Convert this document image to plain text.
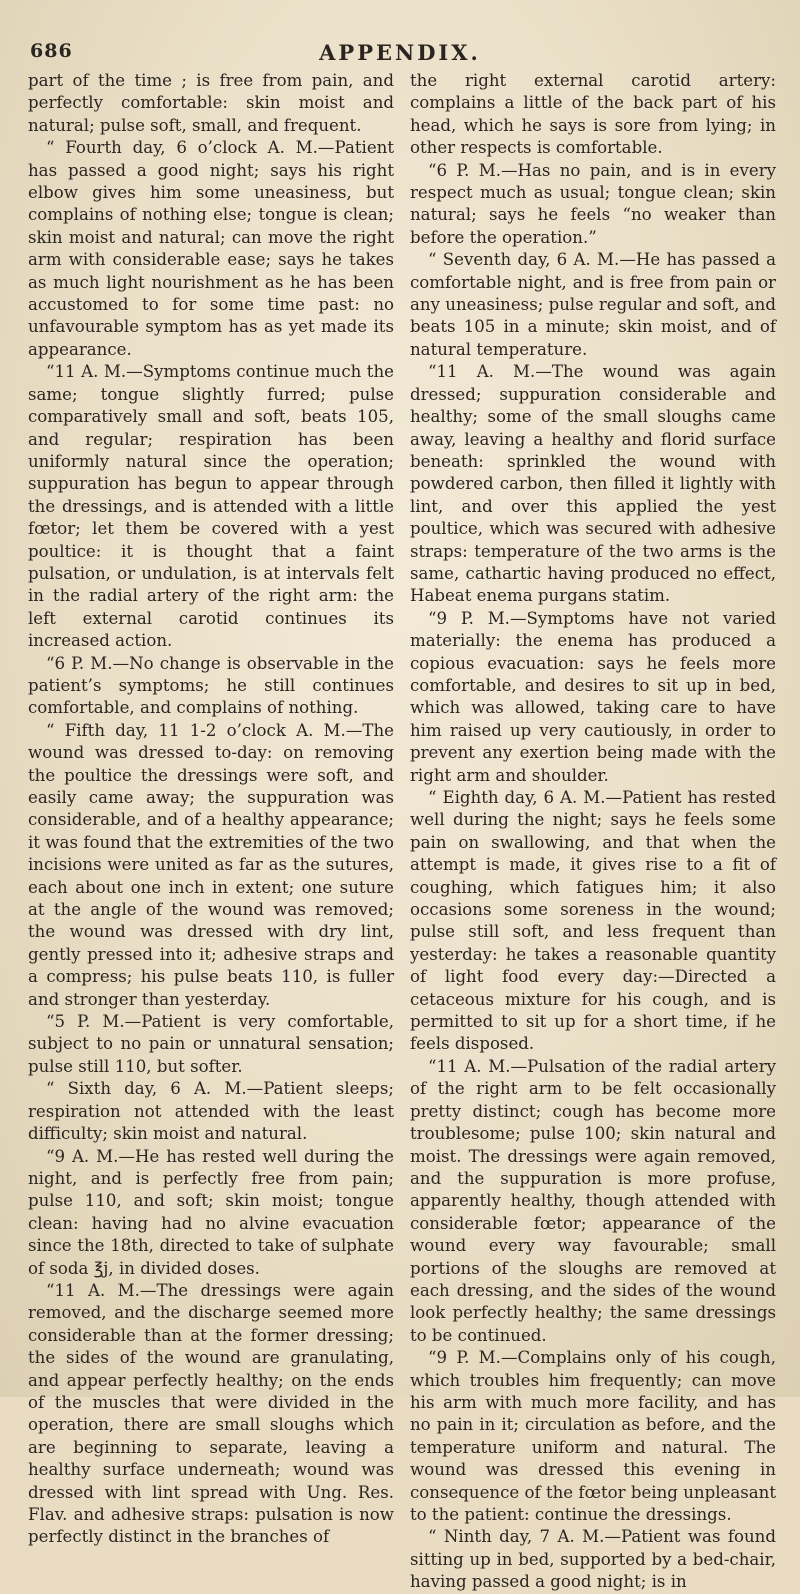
686	APPENDIX.

part of the time ; is free from pain, and perfectly comfortable: skin moist and natural; pulse soft, small, and frequent.

“ Fourth day, 6 o’clock A. M.—Patient has passed a good night; says his right elbow gives him some uneasiness, but complains of nothing else; tongue is clean; skin moist and natural; can move the right arm with considerable ease; says he takes as much light nourishment as he has been accustomed to for some time past: no unfavourable symptom has as yet made its appearance.

“11 A. M.—Symptoms continue much the same; tongue slightly furred; pulse comparatively small and soft, beats 105, and regular; respiration has been uniformly natural since the operation; suppuration has begun to appear through the dressings, and is attended with a little fœtor; let them be covered with a yest poultice: it is thought that a faint pulsation, or undulation, is at intervals felt in the radial artery of the right arm: the left external carotid continues its increased action.

“6 P. M.—No change is observable in the patient’s symptoms; he still continues comfortable, and complains of nothing.

“ Fifth day, 11 1-2 o’clock A. M.—The wound was dressed to-day: on removing the poultice the dressings were soft, and easily came away; the suppuration was considerable, and of a healthy appearance; it was found that the extremities of the two incisions were united as far as the sutures, each about one inch in extent; one suture at the angle of the wound was removed; the wound was dressed with dry lint, gently pressed into it; adhesive straps and a compress; his pulse beats 110, is fuller and stronger than yesterday.

“5 P. M.—Patient is very comfortable, subject to no pain or unnatural sensation; pulse still 110, but softer.

“ Sixth day, 6 A. M.—Patient sleeps; respiration not attended with the least difficulty; skin moist and natural.

“9 A. M.—He has rested well during the night, and is perfectly free from pain; pulse 110, and soft; skin moist; tongue clean: having had no alvine evacuation since the 18th, directed to take of sulphate of soda ℥j, in divided doses.

“11 A. M.—The dressings were again removed, and the discharge seemed more considerable than at the former dressing; the sides of the wound are granulating, and appear perfectly healthy; on the ends of the muscles that were divided in the operation, there are small sloughs which are beginning to separate, leaving a healthy surface underneath; wound was dressed with lint spread with Ung. Res. Flav. and adhesive straps: pulsation is now perfectly distinct in the branches of

the right external carotid artery: complains a little of the back part of his head, which he says is sore from lying; in other respects is comfortable.

“6 P. M.—Has no pain, and is in every respect much as usual; tongue clean; skin natural; says he feels “no weaker than before the operation.”

“ Seventh day, 6 A. M.—He has passed a comfortable night, and is free from pain or any uneasiness; pulse regular and soft, and beats 105 in a minute; skin moist, and of natural temperature.

“11 A. M.—The wound was again dressed; suppuration considerable and healthy; some of the small sloughs came away, leaving a healthy and florid surface beneath: sprinkled the wound with powdered carbon, then filled it lightly with lint, and over this applied the yest poultice, which was secured with adhesive straps: temperature of the two arms is the same, cathartic having produced no effect, Habeat enema purgans statim.

“9 P. M.—Symptoms have not varied materially: the enema has produced a copious evacuation: says he feels more comfortable, and desires to sit up in bed, which was allowed, taking care to have him raised up very cautiously, in order to prevent any exertion being made with the right arm and shoulder.

“ Eighth day, 6 A. M.—Patient has rested well during the night; says he feels some pain on swallowing, and that when the attempt is made, it gives rise to a fit of coughing, which fatigues him; it also occasions some soreness in the wound; pulse still soft, and less frequent than yesterday: he takes a reasonable quantity of light food every day:—Directed a cetaceous mixture for his cough, and is permitted to sit up for a short time, if he feels disposed.

“11 A. M.—Pulsation of the radial artery of the right arm to be felt occasionally pretty distinct; cough has become more troublesome; pulse 100; skin natural and moist. The dressings were again removed, and the suppuration is more profuse, apparently healthy, though attended with considerable fœtor; appearance of the wound every way favourable; small portions of the sloughs are removed at each dressing, and the sides of the wound look perfectly healthy; the same dressings to be continued.

“9 P. M.—Complains only of his cough, which troubles him frequently; can move his arm with much more facility, and has no pain in it; circulation as before, and the temperature uniform and natural. The wound was dressed this evening in consequence of the fœtor being unpleasant to the patient: continue the dressings.

“ Ninth day, 7 A. M.—Patient was found sitting up in bed, supported by a bed-chair, having passed a good night; is in
